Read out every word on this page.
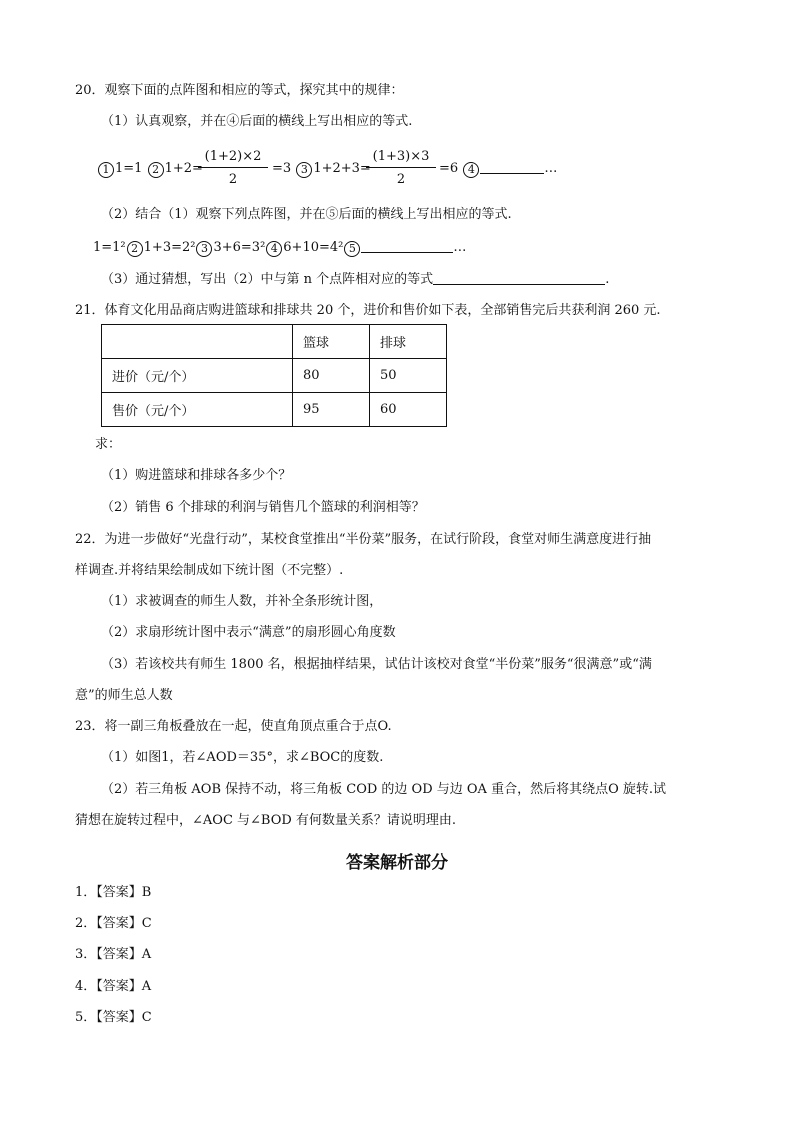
20．观察下面的点阵图和相应的等式，探究其中的规律：
（1）认真观察，并在④后面的横线上写出相应的等式.
1 1=1 2 1+2=
(1+2)×2
2
=3 3 1+2+3=
(1+3)×3
2
=6 4	…
（2）结合（1）观察下列点阵图，并在⑤后面的横线上写出相应的等式.
1=1² 2 1+3=2² 3 3+6=3² 4 6+10=4² 5	…
（3）通过猜想，写出（2）中与第 n 个点阵相对应的等式	.
21．体育文化用品商店购进篮球和排球共 20 个，进价和售价如下表，全部销售完后共获利润 260 元.
	篮球	排球
进价（元/个）	80	50
售价（元/个）	95	60
求：
（1）购进篮球和排球各多少个？
（2）销售 6 个排球的利润与销售几个篮球的利润相等？
22．为进一步做好“光盘行动”，某校食堂推出“半份菜”服务，在试行阶段，食堂对师生满意度进行抽
样调查.并将结果绘制成如下统计图（不完整）.
（1）求被调查的师生人数，并补全条形统计图，
（2）求扇形统计图中表示“满意”的扇形圆心角度数
（3）若该校共有师生 1800 名，根据抽样结果，试估计该校对食堂“半份菜”服务“很满意”或“满
意”的师生总人数
23．将一副三角板叠放在一起，使直角顶点重合于点O.
（1）如图1，若∠AOD＝35°，求∠BOC的度数.
（2）若三角板 AOB 保持不动，将三角板 COD 的边 OD 与边 OA 重合，然后将其绕点O 旋转.试
猜想在旋转过程中，∠AOC 与∠BOD 有何数量关系？请说明理由.
答案解析部分
1．【答案】B
2．【答案】C
3．【答案】A
4．【答案】A
5．【答案】C
